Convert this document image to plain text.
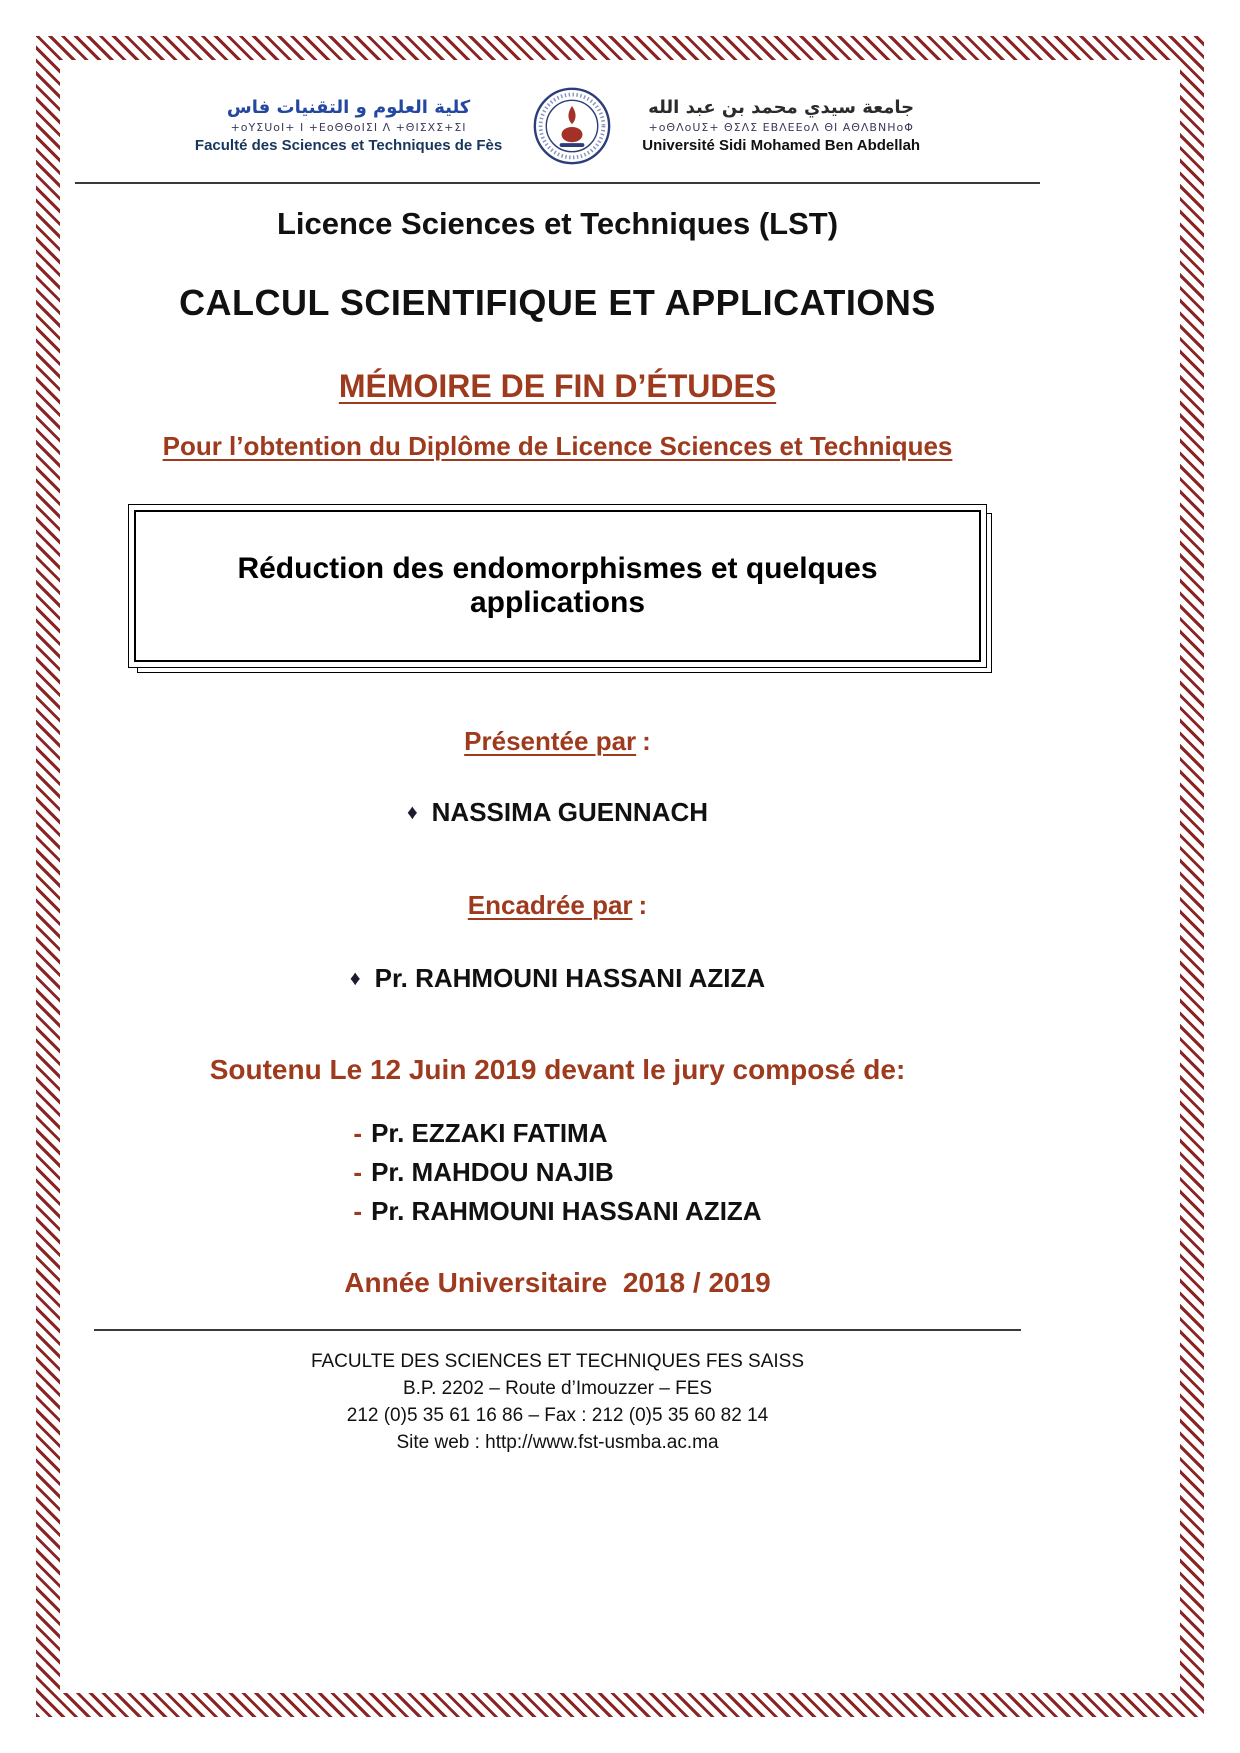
كلية العلوم و التقنيات فاس
+oYΣUoI+ I +ΕoΘΘoIΣI Λ +ΘIΣΧΣ+ΣI
Faculté des Sciences et Techniques de Fès
جامعة سيدي محمد بن عبد الله
+oΘΛoUΣ+ ΘΣΛΣ ΕΒΛΕΕoΛ ΘΙ ΑΘΛΒΝΗoΦ
Université Sidi Mohamed Ben Abdellah
Licence Sciences et Techniques (LST)
CALCUL SCIENTIFIQUE ET APPLICATIONS
MÉMOIRE DE FIN D’ÉTUDES
Pour l’obtention du Diplôme de Licence Sciences et Techniques
Réduction des endomorphismes et quelques applications
Présentée par :
♦ NASSIMA GUENNACH
Encadrée par :
♦ Pr. RAHMOUNI HASSANI AZIZA
Soutenu Le 12 Juin 2019 devant le jury composé de:
- Pr. EZZAKI FATIMA
- Pr. MAHDOU NAJIB
- Pr. RAHMOUNI HASSANI AZIZA
Année Universitaire  2018 / 2019
FACULTE DES SCIENCES ET TECHNIQUES FES SAISS
B.P. 2202 – Route d’Imouzzer – FES
212 (0)5 35 61 16 86 – Fax : 212 (0)5 35 60 82 14
Site web : http://www.fst-usmba.ac.ma
